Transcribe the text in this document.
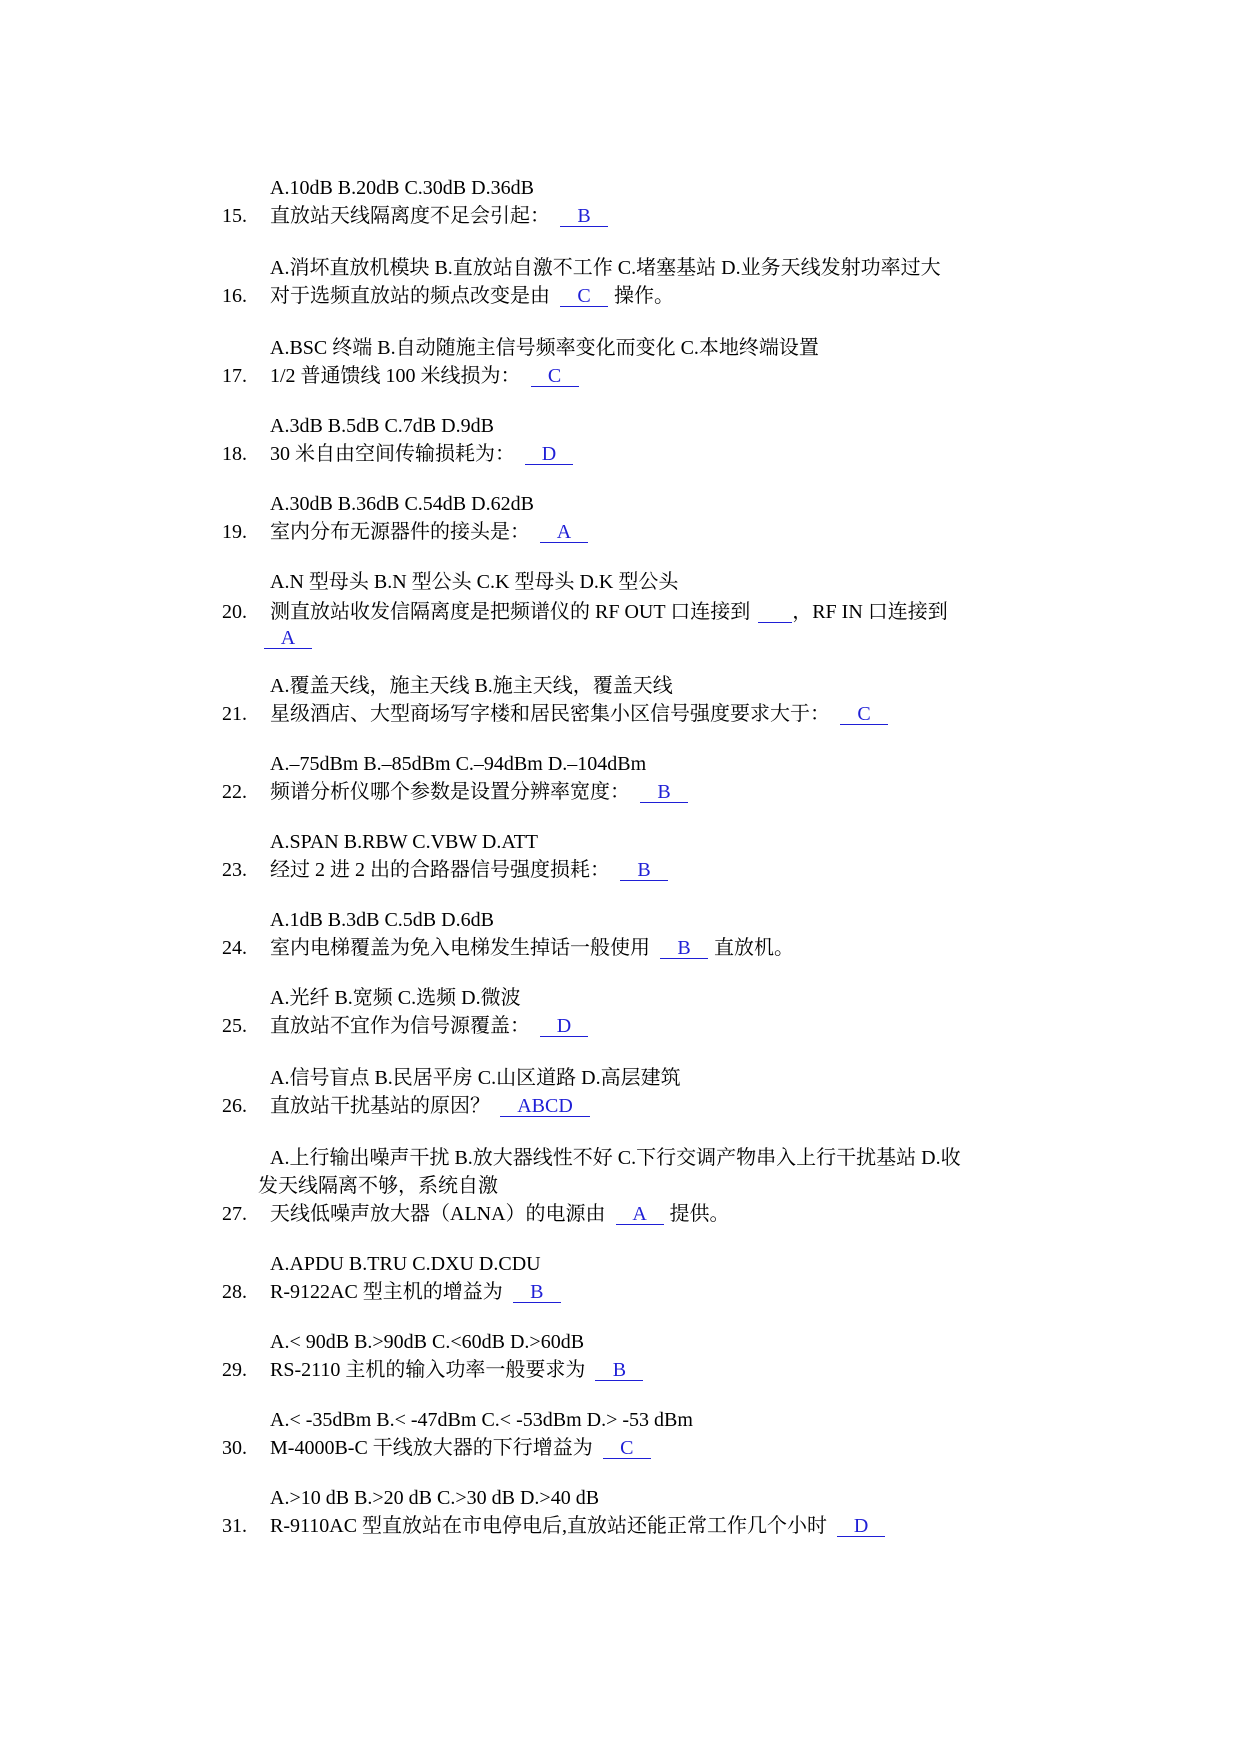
A.10dB B.20dB C.30dB D.36dB
15. 直放站天线隔离度不足会引起： B
A.消坏直放机模块 B.直放站自激不工作 C.堵塞基站 D.业务天线发射功率过大
16. 对于选频直放站的频点改变是由 C 操作。
A.BSC 终端 B.自动随施主信号频率变化而变化 C.本地终端设置
17. 1/2 普通馈线 100 米线损为： C
A.3dB B.5dB C.7dB D.9dB
18. 30 米自由空间传输损耗为： D
A.30dB B.36dB C.54dB D.62dB
19. 室内分布无源器件的接头是： A
A.N 型母头 B.N 型公头 C.K 型母头 D.K 型公头
20. 测直放站收发信隔离度是把频谱仪的 RF OUT 口连接到 ，RF IN 口连接到
A
A.覆盖天线，施主天线 B.施主天线，覆盖天线
21. 星级酒店、大型商场写字楼和居民密集小区信号强度要求大于： C
A.–75dBm B.–85dBm C.–94dBm D.–104dBm
22. 频谱分析仪哪个参数是设置分辨率宽度： B
A.SPAN B.RBW C.VBW D.ATT
23. 经过 2 进 2 出的合路器信号强度损耗： B
A.1dB B.3dB C.5dB D.6dB
24. 室内电梯覆盖为免入电梯发生掉话一般使用 B 直放机。
A.光纤 B.宽频 C.选频 D.微波
25. 直放站不宜作为信号源覆盖： D
A.信号盲点 B.民居平房 C.山区道路 D.高层建筑
26. 直放站干扰基站的原因？ ABCD
A.上行输出噪声干扰 B.放大器线性不好 C.下行交调产物串入上行干扰基站 D.收
发天线隔离不够，系统自激
27. 天线低噪声放大器（ALNA）的电源由 A 提供。
A.APDU B.TRU C.DXU D.CDU
28. R-9122AC 型主机的增益为 B
A.< 90dB B.>90dB C.<60dB D.>60dB
29. RS-2110 主机的输入功率一般要求为 B
A.< -35dBm B.< -47dBm C.< -53dBm D.> -53 dBm
30. M-4000B-C 干线放大器的下行增益为 C
A.>10 dB B.>20 dB C.>30 dB D.>40 dB
31. R-9110AC 型直放站在市电停电后,直放站还能正常工作几个小时 D
